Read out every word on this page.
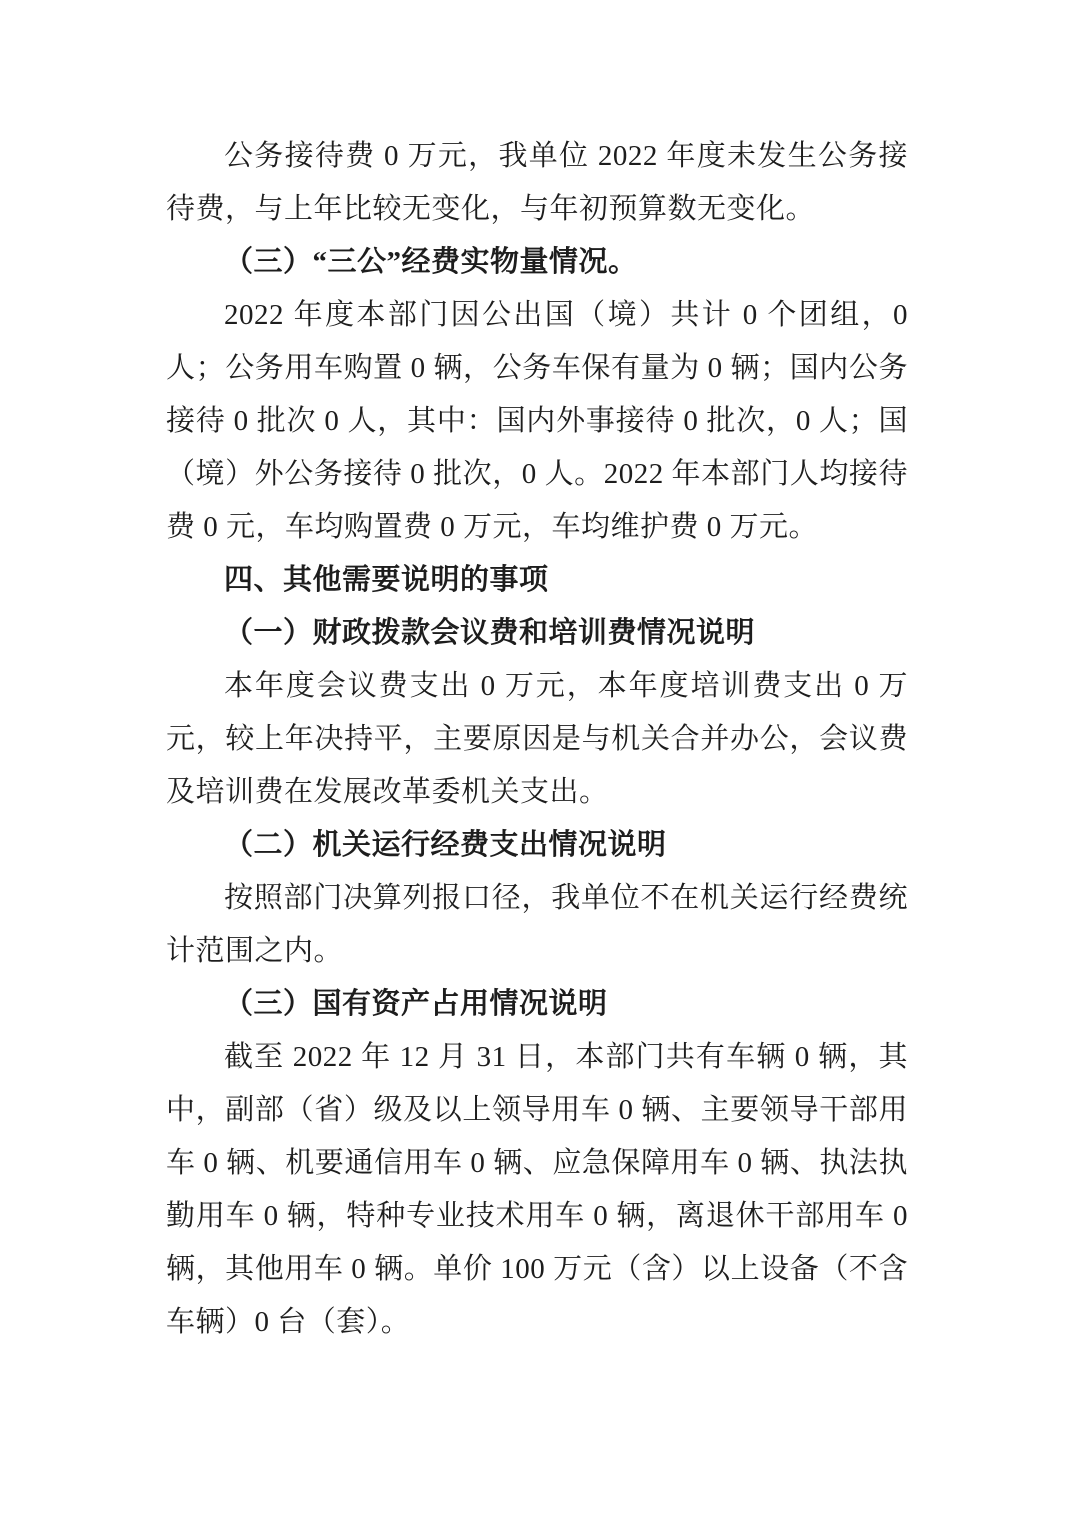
公务接待费 0 万元，我单位 2022 年度未发生公务接待费，与上年比较无变化，与年初预算数无变化。

（三）“三公”经费实物量情况。

2022 年度本部门因公出国（境）共计 0 个团组，0 人；公务用车购置 0 辆，公务车保有量为 0 辆；国内公务接待 0 批次 0 人，其中：国内外事接待 0 批次，0 人；国（境）外公务接待 0 批次，0 人。2022 年本部门人均接待费 0 元，车均购置费 0 万元，车均维护费 0 万元。

四、其他需要说明的事项

（一）财政拨款会议费和培训费情况说明

本年度会议费支出 0 万元，本年度培训费支出 0 万元，较上年决持平，主要原因是与机关合并办公，会议费及培训费在发展改革委机关支出。

（二）机关运行经费支出情况说明

按照部门决算列报口径，我单位不在机关运行经费统计范围之内。

（三）国有资产占用情况说明

截至 2022 年 12 月 31 日，本部门共有车辆 0 辆，其中，副部（省）级及以上领导用车 0 辆、主要领导干部用车 0 辆、机要通信用车 0 辆、应急保障用车 0 辆、执法执勤用车 0 辆，特种专业技术用车 0 辆，离退休干部用车 0 辆，其他用车 0 辆。单价 100 万元（含）以上设备（不含车辆）0 台（套）。
